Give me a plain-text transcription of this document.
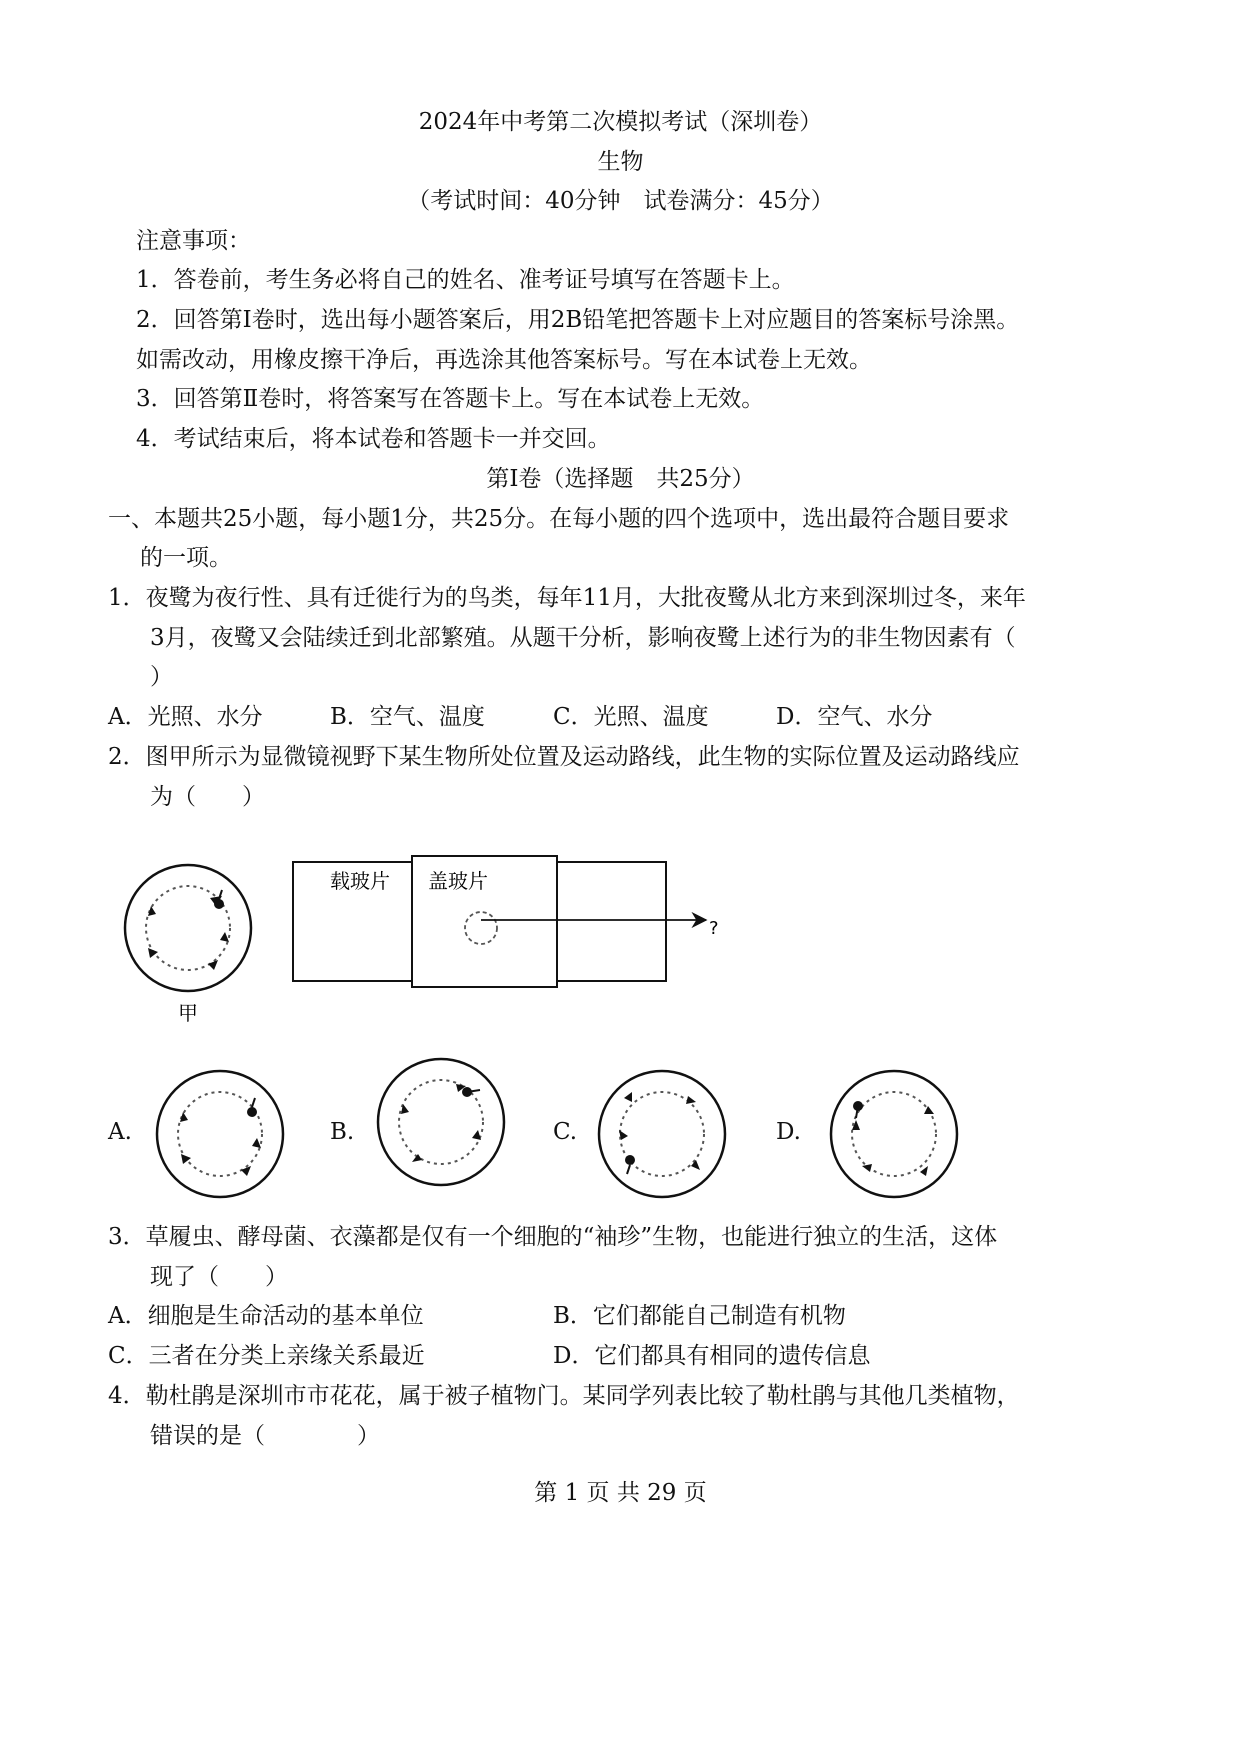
2024年中考第二次模拟考试（深圳卷）
生物
（考试时间：40分钟　试卷满分：45分）
注意事项：
1．答卷前，考生务必将自己的姓名、准考证号填写在答题卡上。
2．回答第Ⅰ卷时，选出每小题答案后，用2B铅笔把答题卡上对应题目的答案标号涂黑。
如需改动，用橡皮擦干净后，再选涂其他答案标号。写在本试卷上无效。
3．回答第Ⅱ卷时，将答案写在答题卡上。写在本试卷上无效。
4．考试结束后，将本试卷和答题卡一并交回。
第Ⅰ卷（选择题　共25分）
一、本题共25小题，每小题1分，共25分。在每小题的四个选项中，选出最符合题目要求
的一项。
1．夜鹭为夜行性、具有迁徙行为的鸟类，每年11月，大批夜鹭从北方来到深圳过冬，来年
3月，夜鹭又会陆续迁到北部繁殖。从题干分析，影响夜鹭上述行为的非生物因素有（
）
A．光照、水分	B．空气、温度	C．光照、温度	D．空气、水分
2．图甲所示为显微镜视野下某生物所处位置及运动路线，此生物的实际位置及运动路线应
为（　　）
甲
载玻片 盖玻片
?
A.	B.	C.	D.
3．草履虫、酵母菌、衣藻都是仅有一个细胞的“袖珍”生物，也能进行独立的生活，这体
现了（　　）
A．细胞是生命活动的基本单位	B．它们都能自己制造有机物
C．三者在分类上亲缘关系最近	D．它们都具有相同的遗传信息
4．勒杜鹃是深圳市市花花，属于被子植物门。某同学列表比较了勒杜鹃与其他几类植物，
错误的是（　　　　）
第 1 页 共 29 页
